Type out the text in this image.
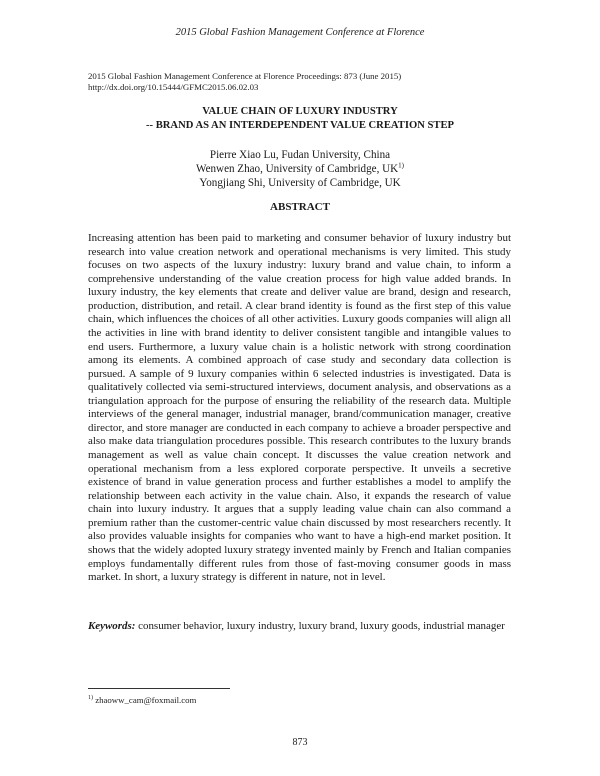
2015 Global Fashion Management Conference at Florence
2015 Global Fashion Management Conference at Florence Proceedings: 873 (June 2015)
http://dx.doi.org/10.15444/GFMC2015.06.02.03
VALUE CHAIN OF LUXURY INDUSTRY
-- BRAND AS AN INTERDEPENDENT VALUE CREATION STEP
Pierre Xiao Lu, Fudan University, China
Wenwen Zhao, University of Cambridge, UK$^{1)}$
Yongjiang Shi, University of Cambridge, UK
ABSTRACT
Increasing attention has been paid to marketing and consumer behavior of luxury industry but research into value creation network and operational mechanisms is very limited. This study focuses on two aspects of the luxury industry: luxury brand and value chain, to inform a comprehensive understanding of the value creation process for high value added brands. In luxury industry, the key elements that create and deliver value are brand, design and research, production, distribution, and retail. A clear brand identity is found as the first step of this value chain, which influences the choices of all other activities. Luxury goods companies will align all the activities in line with brand identity to deliver consistent tangible and intangible values to end users. Furthermore, a luxury value chain is a holistic network with strong coordination among its elements. A combined approach of case study and secondary data collection is pursued. A sample of 9 luxury companies within 6 selected industries is investigated. Data is qualitatively collected via semi-structured interviews, document analysis, and observations as a triangulation approach for the purpose of ensuring the reliability of the research data. Multiple interviews of the general manager, industrial manager, brand/communication manager, creative director, and store manager are conducted in each company to achieve a broader perspective and also make data triangulation procedures possible. This research contributes to the luxury brands management as well as value chain concept. It discusses the value creation network and operational mechanism from a less explored corporate perspective. It unveils a secretive existence of brand in value generation process and further establishes a model to amplify the relationship between each activity in the value chain. Also, it expands the research of value chain into luxury industry. It argues that a supply leading value chain can also command a premium rather than the customer-centric value chain discussed by most researchers recently. It also provides valuable insights for companies who want to have a high-end market position. It shows that the widely adopted luxury strategy invented mainly by French and Italian companies employs fundamentally different rules from those of fast-moving consumer goods in mass market. In short, a luxury strategy is different in nature, not in level.
Keywords: consumer behavior, luxury industry, luxury brand, luxury goods, industrial manager
$^{1)}$ zhaoww_cam@foxmail.com
873
